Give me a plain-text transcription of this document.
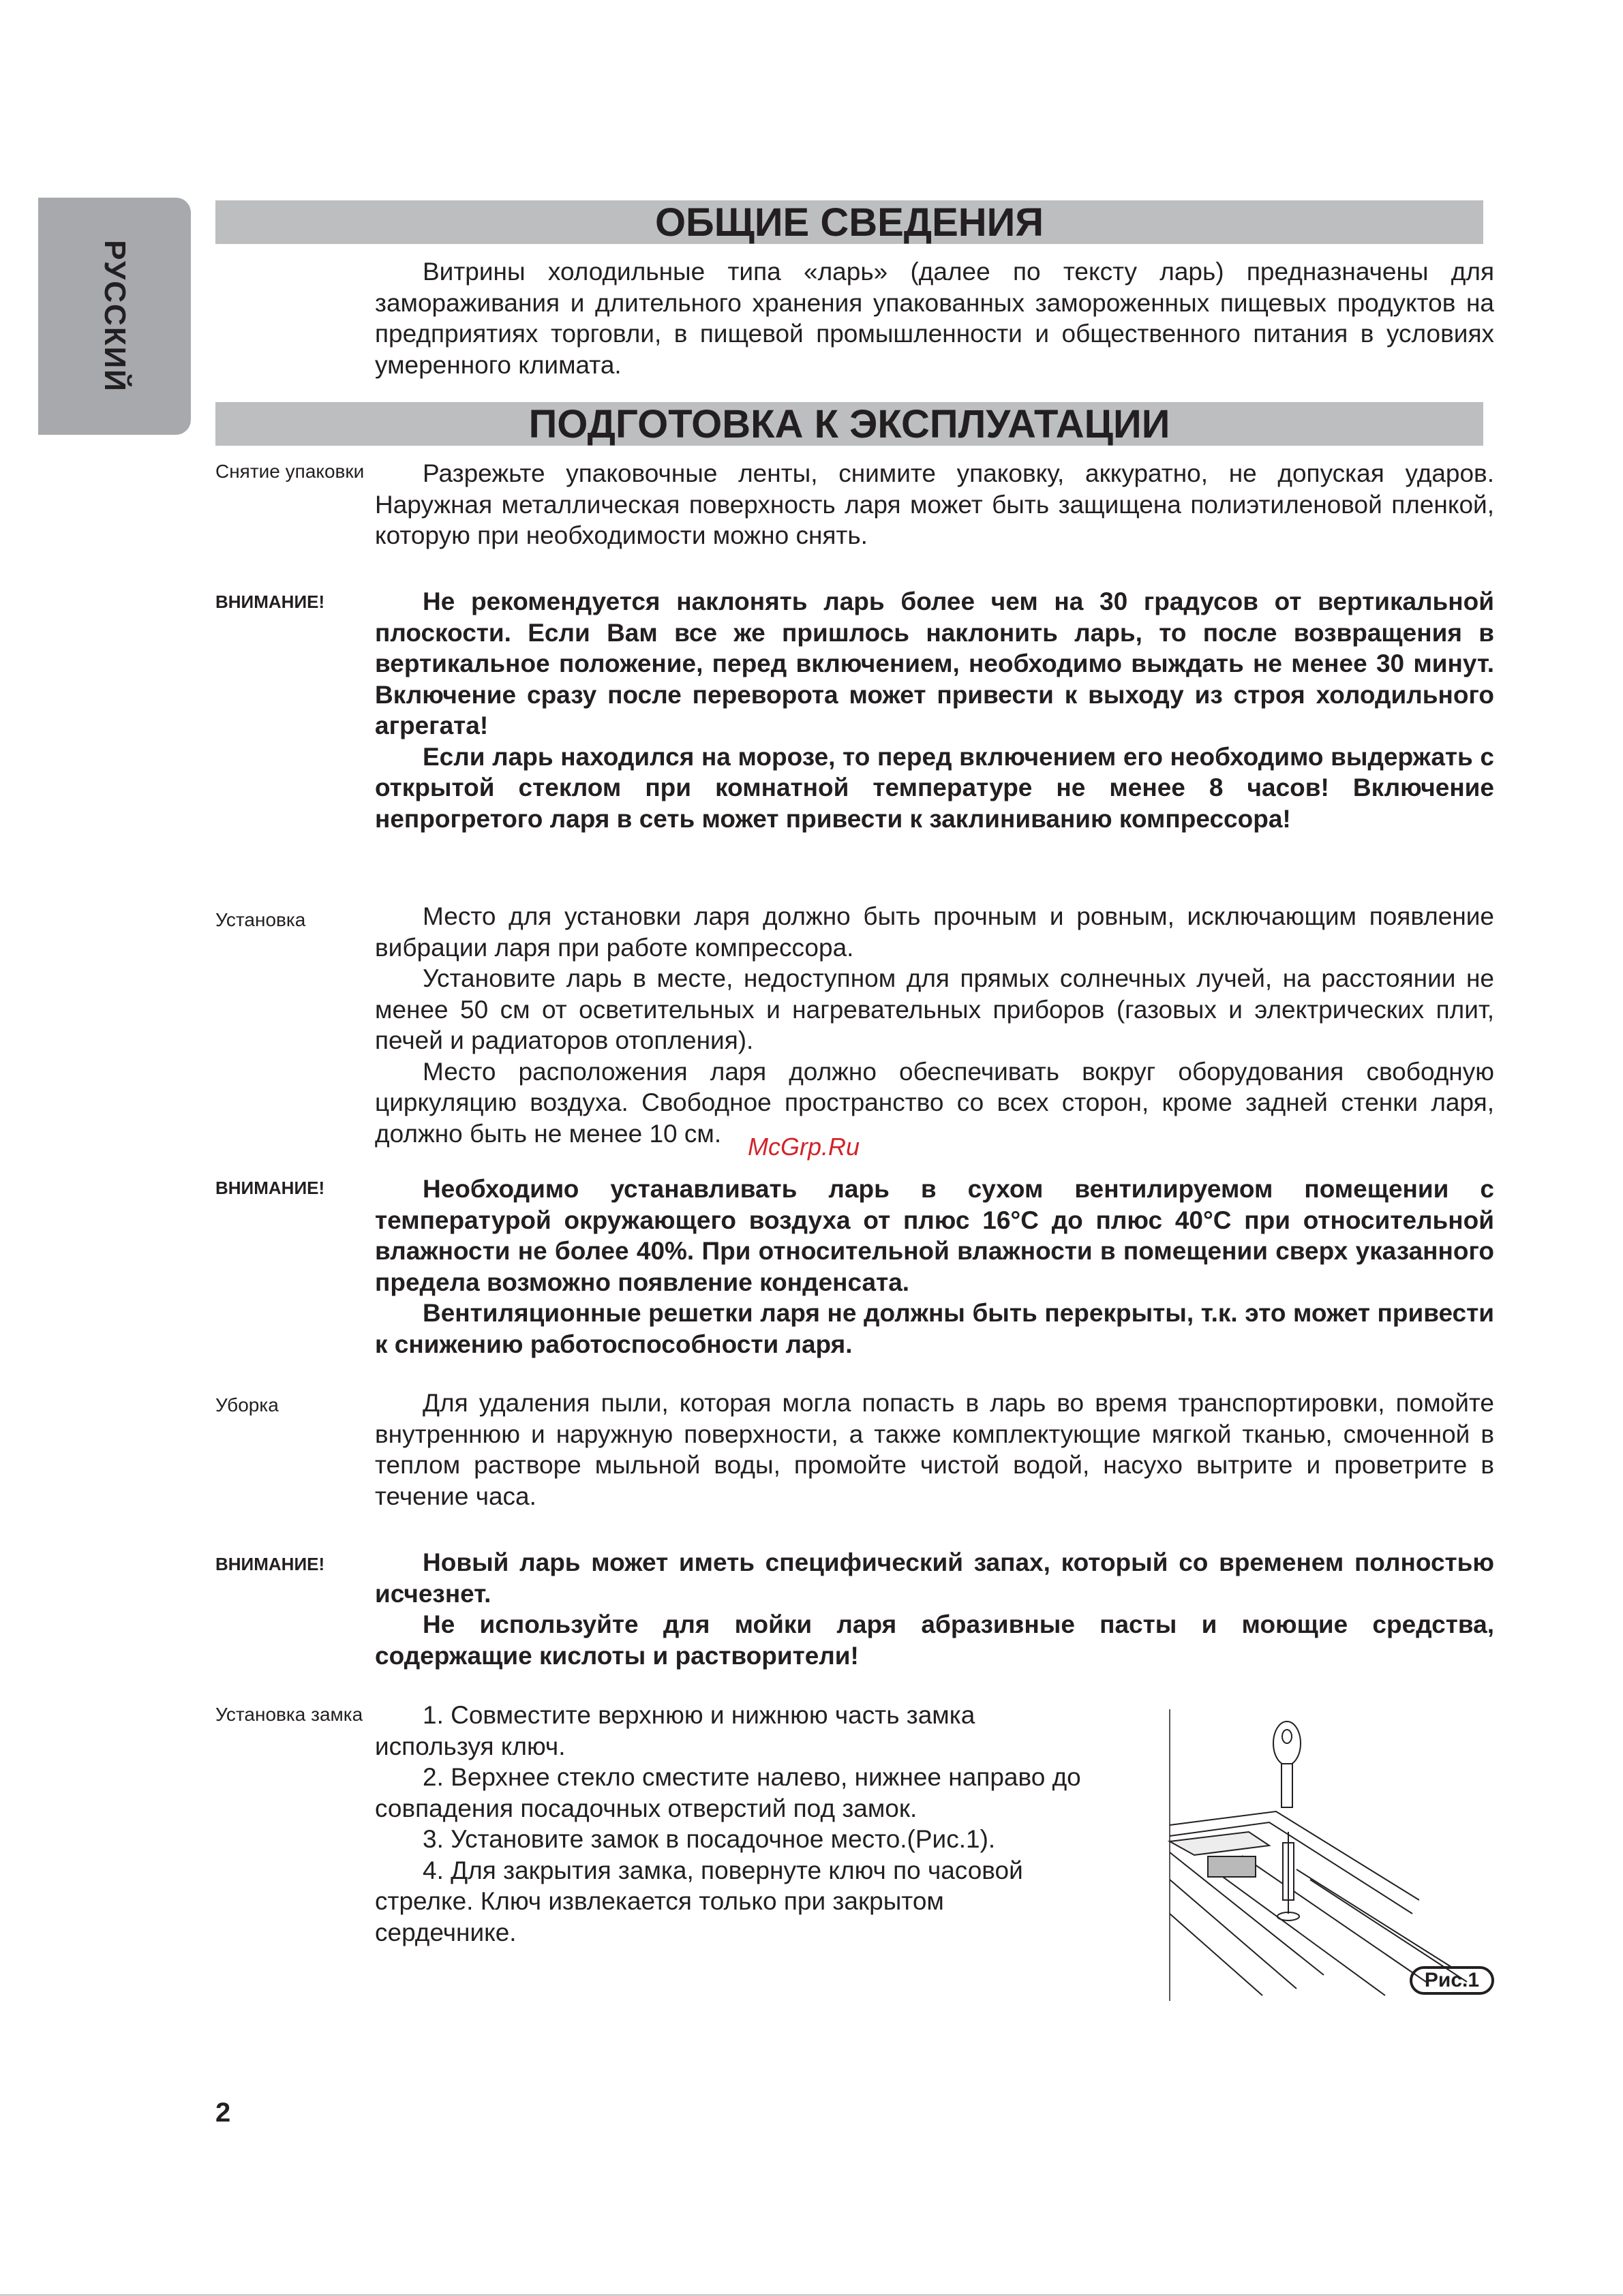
РУССКИЙ
ОБЩИЕ СВЕДЕНИЯ

Витрины холодильные типа «ларь» (далее по тексту ларь) предназначены для замораживания и длительного хранения упакованных замороженных пищевых продуктов на предприятиях торговли, в пищевой промышленности и общественного питания в условиях умеренного климата.

ПОДГОТОВКА К ЭКСПЛУАТАЦИИ
Снятие упаковки	Разрежьте упаковочные ленты, снимите упаковку, аккуратно, не допуская ударов. Наружная металлическая поверхность ларя может быть защищена полиэтиленовой пленкой, которую при необходимости можно снять.

ВНИМАНИЕ!	Не рекомендуется наклонять ларь более чем на 30 градусов от вертикальной плоскости. Если Вам все же пришлось наклонить ларь, то после возвращения в вертикальное положение, перед включением, необходимо выждать не менее 30 минут. Включение сразу после переворота может привести к выходу из строя холодильного агрегата!

Если ларь находился на морозе, то перед включением его необходимо выдержать с открытой стеклом при комнатной температуре не менее 8 часов! Включение непрогретого ларя в сеть может привести к заклиниванию компрессора!

Установка	Место для установки ларя должно быть прочным и ровным, исключающим появление вибрации ларя при работе компрессора.

Установите ларь в месте, недоступном для прямых солнечных лучей, на расстоянии не менее 50 см от осветительных и нагревательных приборов (газовых и электрических плит, печей и радиаторов отопления).

Место расположения ларя должно обеспечивать вокруг оборудования свободную циркуляцию воздуха. Свободное пространство со всех сторон, кроме задней стенки ларя, должно быть не менее 10 см.	McGrp.Ru
ВНИМАНИЕ!	Необходимо устанавливать ларь в сухом вентилируемом помещении с температурой окружающего воздуха от плюс 16°С до плюс 40°С при относительной влажности не более 40%. При относительной влажности в помещении сверх указанного предела возможно появление конденсата.

Вентиляционные решетки ларя не должны быть перекрыты, т.к. это может привести к снижению работоспособности ларя.

Уборка	Для удаления пыли, которая могла попасть в ларь во время транспортировки, помойте внутреннюю и наружную поверхности, а также комплектующие мягкой тканью, смоченной в теплом растворе мыльной воды, промойте чистой водой, насухо вытрите и проветрите в течение часа.

ВНИМАНИЕ!	Новый ларь может иметь специфический запах, который со временем полностью исчезнет.

Не используйте для мойки ларя абразивные пасты и моющие средства, содержащие кислоты и растворители!

Установка замка	1. Совместите верхнюю и нижнюю часть замка используя ключ.

2. Верхнее стекло сместите налево, нижнее направо до совпадения посадочных отверстий под замок.

3. Установите замок в посадочное место.(Рис.1).

4. Для закрытия замка, повернуте ключ по часовой стрелке. Ключ извлекается только при закрытом сердечнике.

Рис.1
2
